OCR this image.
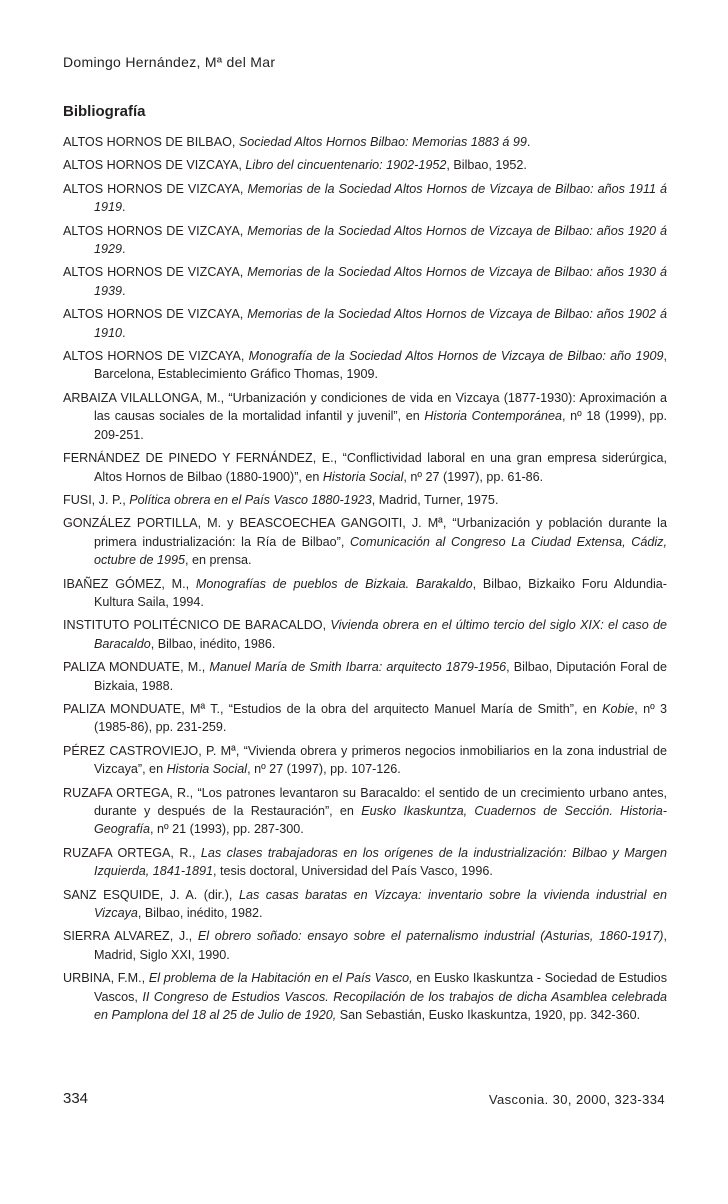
Domingo Hernández, Mª del Mar
Bibliografía

ALTOS HORNOS DE BILBAO, Sociedad Altos Hornos Bilbao: Memorias 1883 á 99.

ALTOS HORNOS DE VIZCAYA, Libro del cincuentenario: 1902-1952, Bilbao, 1952.

ALTOS HORNOS DE VIZCAYA, Memorias de la Sociedad Altos Hornos de Vizcaya de Bilbao: años 1911 á 1919.

ALTOS HORNOS DE VIZCAYA, Memorias de la Sociedad Altos Hornos de Vizcaya de Bilbao: años 1920 á 1929.

ALTOS HORNOS DE VIZCAYA, Memorias de la Sociedad Altos Hornos de Vizcaya de Bilbao: años 1930 á 1939.

ALTOS HORNOS DE VIZCAYA, Memorias de la Sociedad Altos Hornos de Vizcaya de Bilbao: años 1902 á 1910.

ALTOS HORNOS DE VIZCAYA, Monografía de la Sociedad Altos Hornos de Vizcaya de Bilbao: año 1909, Barcelona, Establecimiento Gráfico Thomas, 1909.

ARBAIZA VILALLONGA, M., “Urbanización y condiciones de vida en Vizcaya (1877-1930): Aproximación a las causas sociales de la mortalidad infantil y juvenil”, en Historia Contemporánea, nº 18 (1999), pp. 209-251.

FERNÁNDEZ DE PINEDO Y FERNÁNDEZ, E., “Conflictividad laboral en una gran empresa siderúrgica, Altos Hornos de Bilbao (1880-1900)”, en Historia Social, nº 27 (1997), pp. 61-86.

FUSI, J. P., Política obrera en el País Vasco 1880-1923, Madrid, Turner, 1975.

GONZÁLEZ PORTILLA, M. y BEASCOECHEA GANGOITI, J. Mª, “Urbanización y población durante la primera industrialización: la Ría de Bilbao”, Comunicación al Congreso La Ciudad Extensa, Cádiz, octubre de 1995, en prensa.

IBAÑEZ GÓMEZ, M., Monografías de pueblos de Bizkaia. Barakaldo, Bilbao, Bizkaiko Foru Aldundia-Kultura Saila, 1994.

INSTITUTO POLITÉCNICO DE BARACALDO, Vivienda obrera en el último tercio del siglo XIX: el caso de Baracaldo, Bilbao, inédito, 1986.

PALIZA MONDUATE, M., Manuel María de Smith Ibarra: arquitecto 1879-1956, Bilbao, Diputación Foral de Bizkaia, 1988.

PALIZA MONDUATE, Mª T., “Estudios de la obra del arquitecto Manuel María de Smith”, en Kobie, nº 3 (1985-86), pp. 231-259.

PÉREZ CASTROVIEJO, P. Mª, “Vivienda obrera y primeros negocios inmobiliarios en la zona industrial de Vizcaya”, en Historia Social, nº 27 (1997), pp. 107-126.

RUZAFA ORTEGA, R., “Los patrones levantaron su Baracaldo: el sentido de un crecimiento urbano antes, durante y después de la Restauración”, en Eusko Ikaskuntza, Cuadernos de Sección. Historia-Geografía, nº 21 (1993), pp. 287-300.

RUZAFA ORTEGA, R., Las clases trabajadoras en los orígenes de la industrialización: Bilbao y Margen Izquierda, 1841-1891, tesis doctoral, Universidad del País Vasco, 1996.

SANZ ESQUIDE, J. A. (dir.), Las casas baratas en Vizcaya: inventario sobre la vivienda industrial en Vizcaya, Bilbao, inédito, 1982.

SIERRA ALVAREZ, J., El obrero soñado: ensayo sobre el paternalismo industrial (Asturias, 1860-1917), Madrid, Siglo XXI, 1990.

URBINA, F.M., El problema de la Habitación en el País Vasco, en Eusko Ikaskuntza - Sociedad de Estudios Vascos, II Congreso de Estudios Vascos. Recopilación de los trabajos de dicha Asamblea celebrada en Pamplona del 18 al 25 de Julio de 1920, San Sebastián, Eusko Ikaskuntza, 1920, pp. 342-360.

334	Vasconia. 30, 2000, 323-334
